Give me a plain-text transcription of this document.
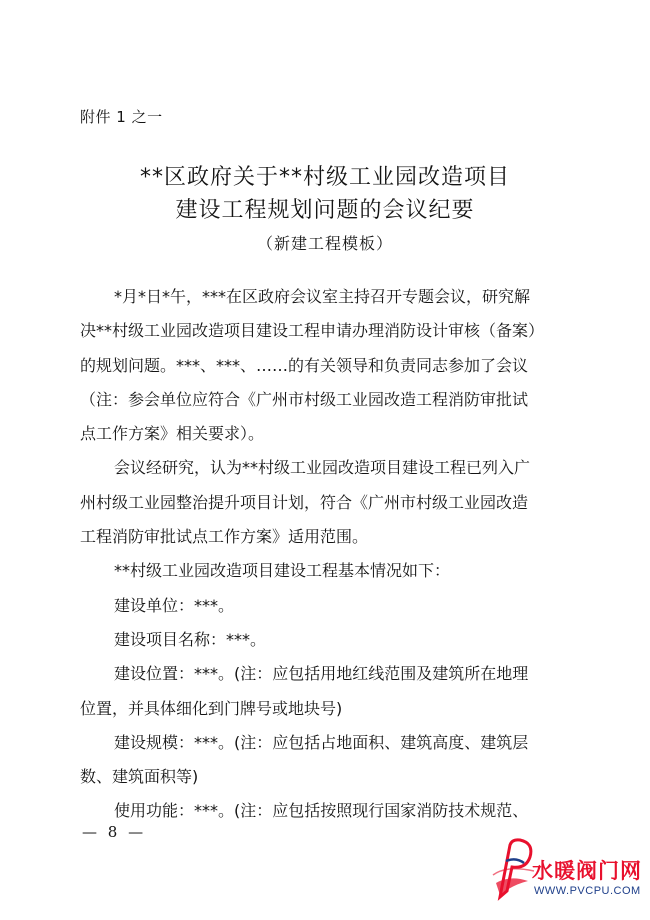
附件 1 之一
**区政府关于**村级工业园改造项目
建设工程规划问题的会议纪要
（新建工程模板）
*月*日*午，***在区政府会议室主持召开专题会议，研究解
决**村级工业园改造项目建设工程申请办理消防设计审核（备案）
的规划问题。***、***、……的有关领导和负责同志参加了会议
（注：参会单位应符合《广州市村级工业园改造工程消防审批试
点工作方案》相关要求）。
会议经研究，认为**村级工业园改造项目建设工程已列入广
州村级工业园整治提升项目计划，符合《广州市村级工业园改造
工程消防审批试点工作方案》适用范围。
**村级工业园改造项目建设工程基本情况如下：
建设单位：***。
建设项目名称：***。
建设位置：***。(注：应包括用地红线范围及建筑所在地理
位置，并具体细化到门牌号或地块号)
建设规模：***。(注：应包括占地面积、建筑高度、建筑层
数、建筑面积等)
使用功能：***。(注：应包括按照现行国家消防技术规范、
— 8 —
水暖阀门网
WWW.PVCPU.COM
